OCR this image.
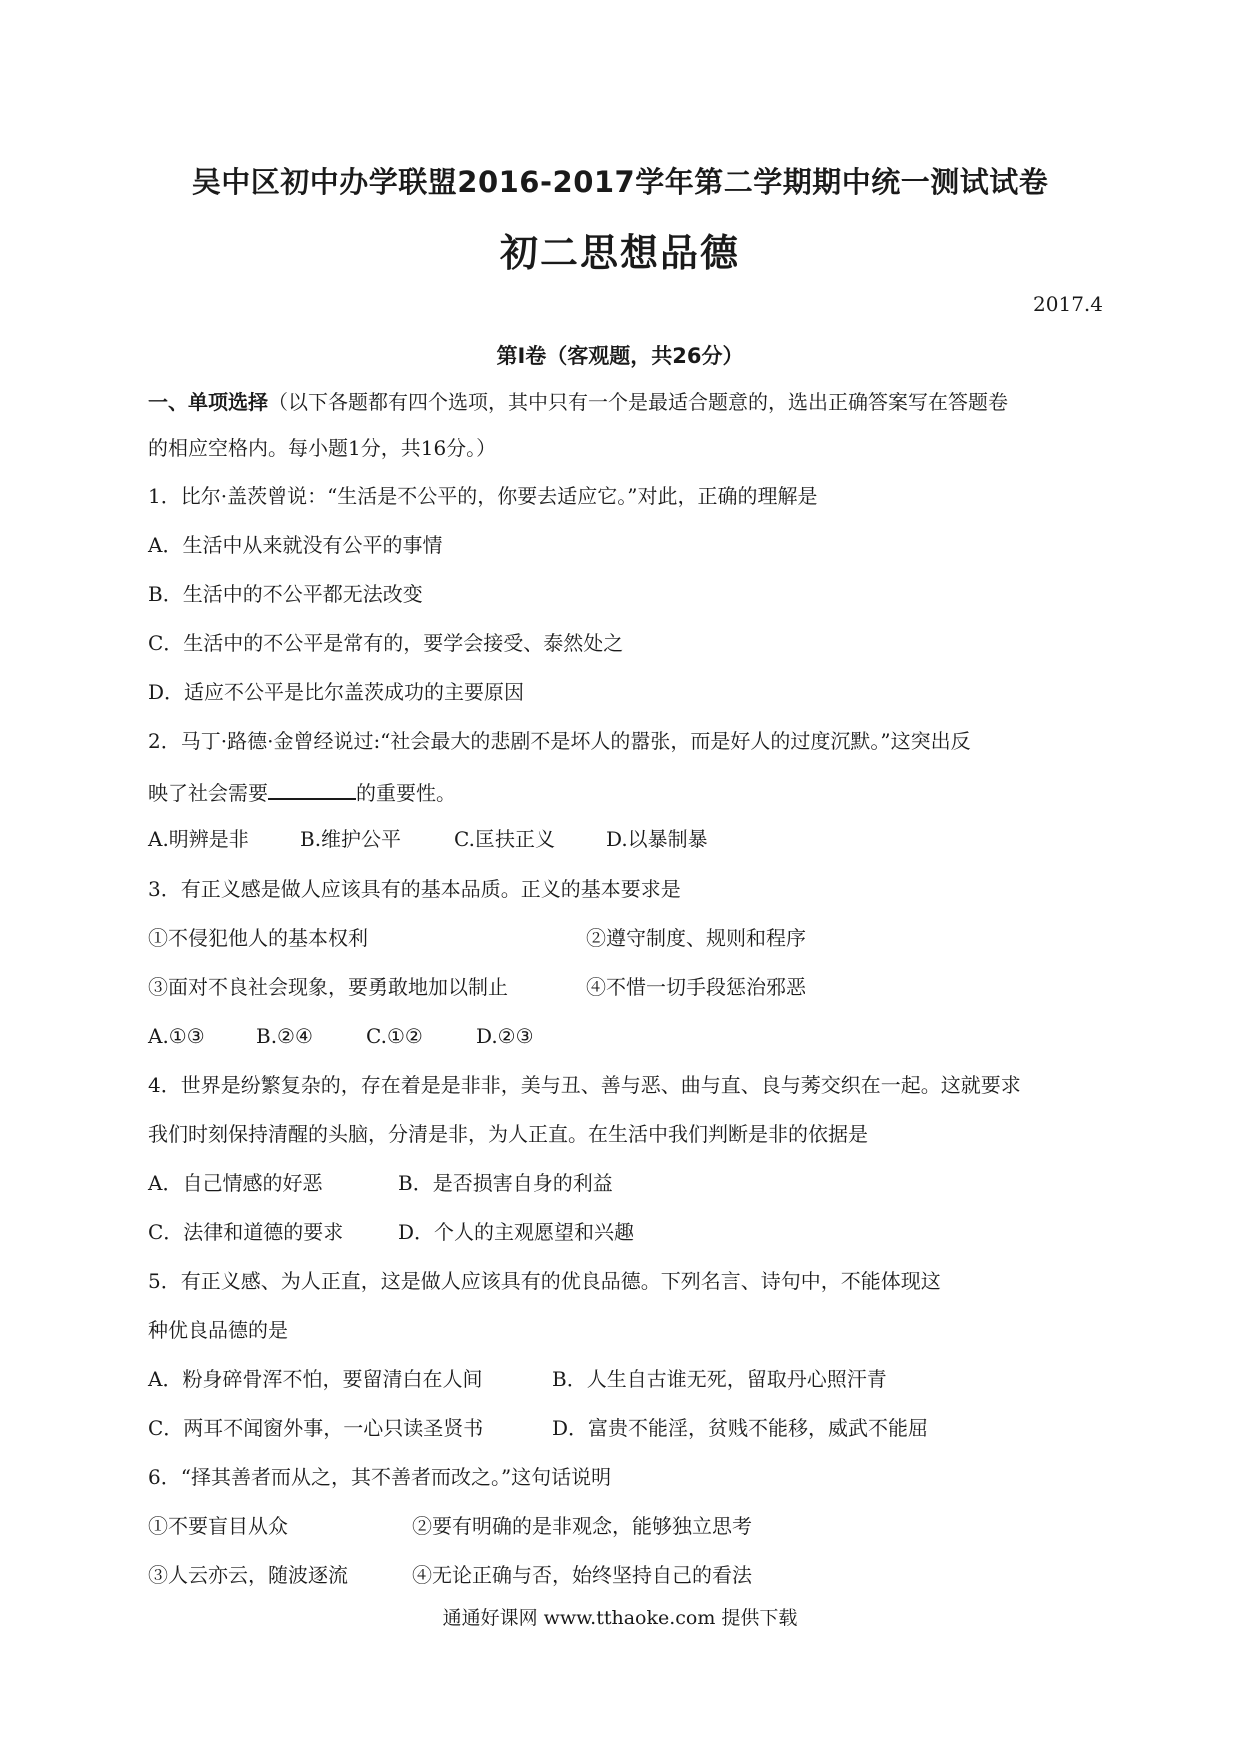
吴中区初中办学联盟2016-2017学年第二学期期中统一测试试卷
初二思想品德
2017.4
第I卷（客观题，共26分）
一、单项选择（以下各题都有四个选项，其中只有一个是最适合题意的，选出正确答案写在答题卷
的相应空格内。每小题1分，共16分。）
1．比尔·盖茨曾说：“生活是不公平的，你要去适应它。”对此，正确的理解是
A．生活中从来就没有公平的事情
B．生活中的不公平都无法改变
C．生活中的不公平是常有的，要学会接受、泰然处之
D．适应不公平是比尔盖茨成功的主要原因
2．马丁·路德·金曾经说过:“社会最大的悲剧不是坏人的嚣张，而是好人的过度沉默。”这突出反
映了社会需要	的重要性。
A.明辨是非	B.维护公平	C.匡扶正义	D.以暴制暴
3．有正义感是做人应该具有的基本品质。正义的基本要求是
①不侵犯他人的基本权利	②遵守制度、规则和程序
③面对不良社会现象，要勇敢地加以制止	④不惜一切手段惩治邪恶
A.①③	B.②④	C.①②	D.②③
4．世界是纷繁复杂的，存在着是是非非，美与丑、善与恶、曲与直、良与莠交织在一起。这就要求
我们时刻保持清醒的头脑，分清是非，为人正直。在生活中我们判断是非的依据是
A．自己情感的好恶	B．是否损害自身的利益
C．法律和道德的要求	D．个人的主观愿望和兴趣
5．有正义感、为人正直，这是做人应该具有的优良品德。下列名言、诗句中，不能体现这
种优良品德的是
A．粉身碎骨浑不怕，要留清白在人间	B．人生自古谁无死，留取丹心照汗青
C．两耳不闻窗外事，一心只读圣贤书	D．富贵不能淫，贫贱不能移，威武不能屈
6．“择其善者而从之，其不善者而改之。”这句话说明
①不要盲目从众	②要有明确的是非观念，能够独立思考
③人云亦云，随波逐流	④无论正确与否，始终坚持自己的看法
通通好课网 www.tthaoke.com 提供下载
